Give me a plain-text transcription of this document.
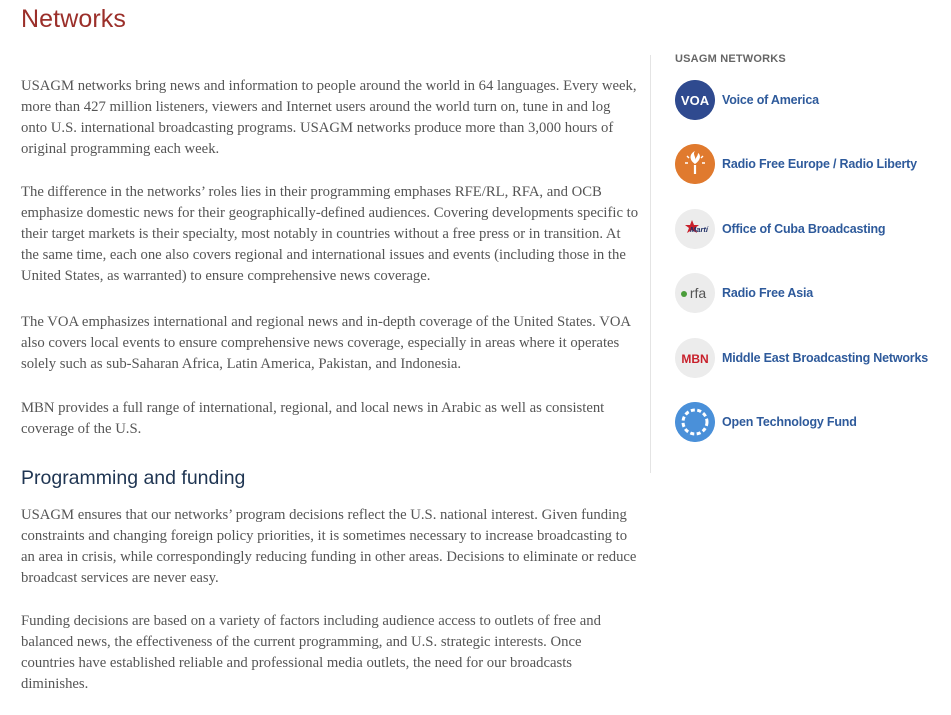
Networks

USAGM networks bring news and information to people around the world in 64 languages. Every week, more than 427 million listeners, viewers and Internet users around the world turn on, tune in and log onto U.S. international broadcasting programs. USAGM networks produce more than 3,000 hours of original programming each week.

The difference in the networks’ roles lies in their programming emphases RFE/RL, RFA, and OCB emphasize domestic news for their geographically-defined audiences. Covering developments specific to their target markets is their specialty, most notably in countries without a free press or in transition. At the same time, each one also covers regional and international issues and events (including those in the United States, as warranted) to ensure comprehensive news coverage.

The VOA emphasizes international and regional news and in-depth coverage of the United States. VOA also covers local events to ensure comprehensive news coverage, especially in areas where it operates solely such as sub-Saharan Africa, Latin America, Pakistan, and Indonesia.

MBN provides a full range of international, regional, and local news in Arabic as well as consistent coverage of the U.S.

Programming and funding

USAGM ensures that our networks’ program decisions reflect the U.S. national interest. Given funding constraints and changing foreign policy priorities, it is sometimes necessary to increase broadcasting to an area in crisis, while correspondingly reducing funding in other areas. Decisions to eliminate or reduce broadcast services are never easy.

Funding decisions are based on a variety of factors including audience access to outlets of free and balanced news, the effectiveness of the current programming, and U.S. strategic interests. Once countries have established reliable and professional media outlets, the need for our broadcasts diminishes.

USAGM NETWORKS
VOA Voice of America
Radio Free Europe / Radio Liberty
Martí Office of Cuba Broadcasting
rfa Radio Free Asia
MBN Middle East Broadcasting Networks
Open Technology Fund
